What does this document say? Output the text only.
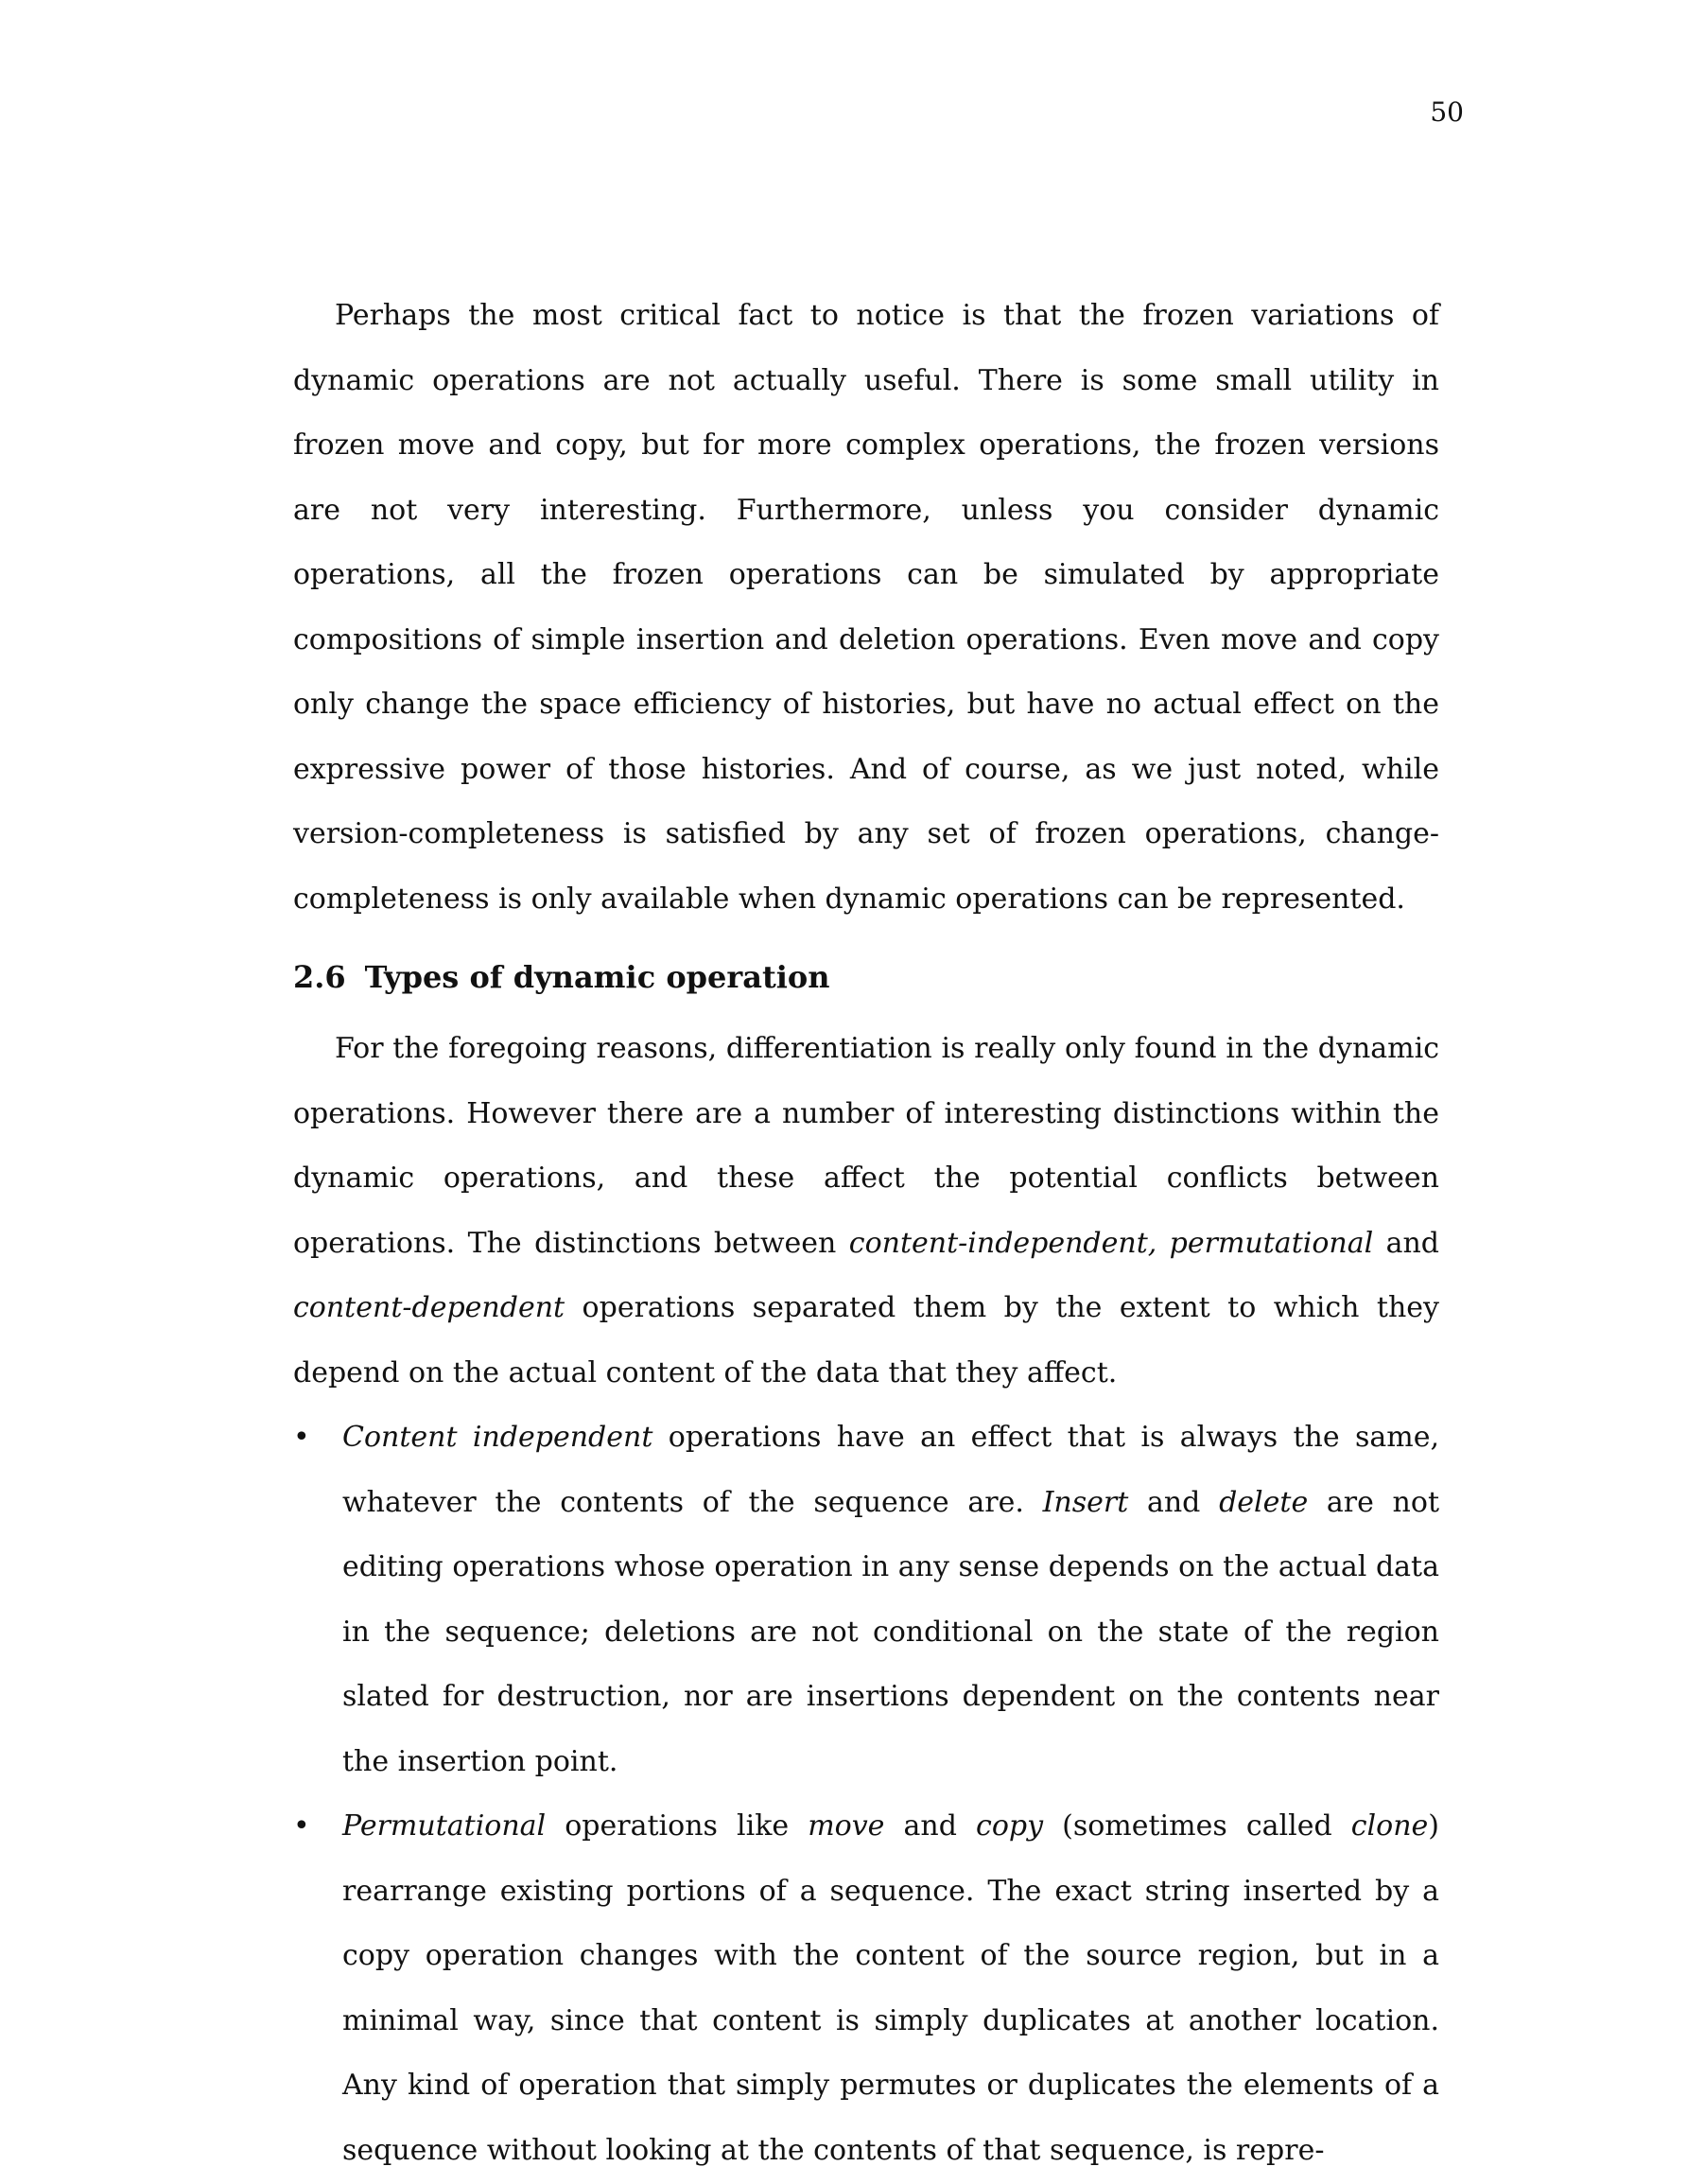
50

Perhaps the most critical fact to notice is that the frozen variations of dynamic operations are not actually useful. There is some small utility in frozen move and copy, but for more complex operations, the frozen versions are not very interesting. Furthermore, unless you consider dynamic operations, all the frozen operations can be simulated by appropriate compositions of simple insertion and deletion operations. Even move and copy only change the space efficiency of histories, but have no actual effect on the expressive power of those histories. And of course, as we just noted, while version-completeness is satisfied by any set of frozen operations, change-completeness is only available when dynamic operations can be represented.

2.6 Types of dynamic operation

For the foregoing reasons, differentiation is really only found in the dynamic operations. However there are a number of interesting distinctions within the dynamic operations, and these affect the potential conflicts between operations. The distinctions between content-independent, permutational and content-dependent operations separated them by the extent to which they depend on the actual content of the data that they affect.

• Content independent operations have an effect that is always the same, whatever the contents of the sequence are. Insert and delete are not editing operations whose operation in any sense depends on the actual data in the sequence; deletions are not conditional on the state of the region slated for destruction, nor are insertions dependent on the contents near the insertion point.
• Permutational operations like move and copy (sometimes called clone) rearrange existing portions of a sequence. The exact string inserted by a copy operation changes with the content of the source region, but in a minimal way, since that content is simply duplicates at another location. Any kind of operation that simply permutes or duplicates the elements of a sequence without looking at the contents of that sequence, is repre-
